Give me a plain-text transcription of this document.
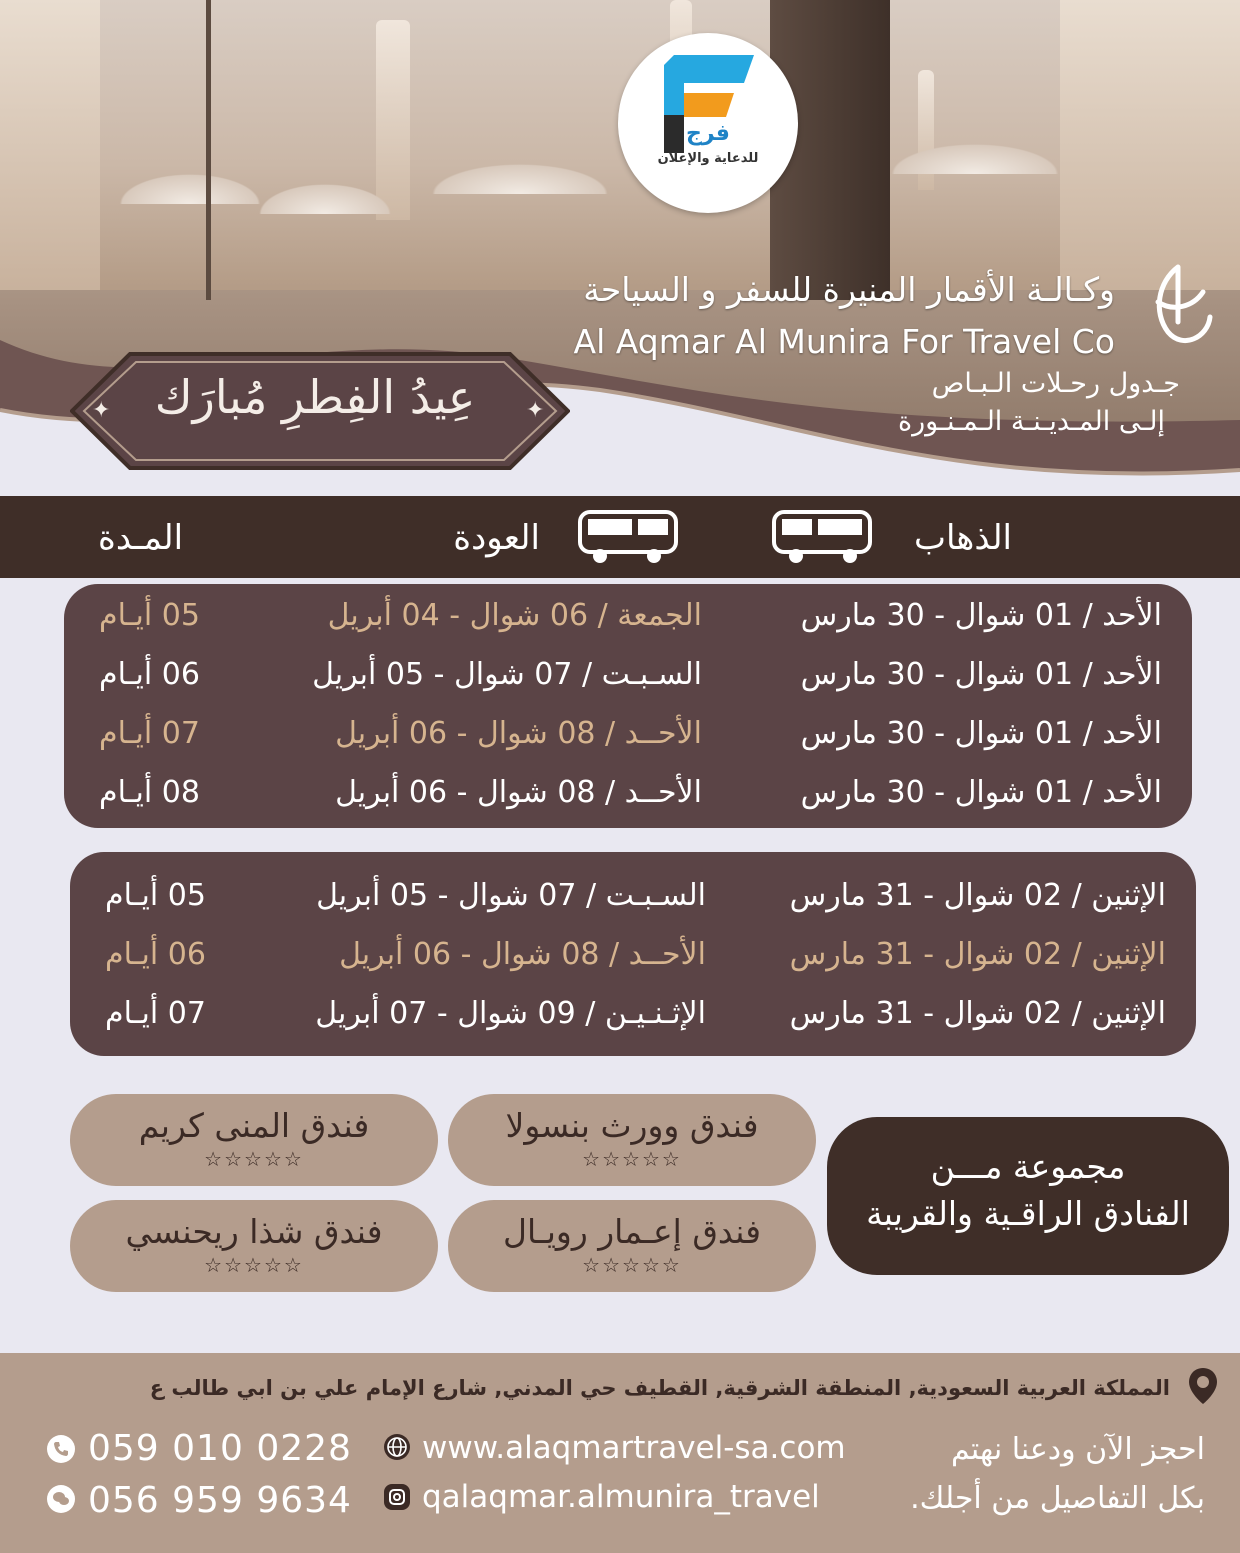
فرج
للدعاية والإعلان
وكـالـة الأقمار المنيرة للسفر و السياحة
Al Aqmar Al Munira For Travel Co
جـدول رحـلات الـبـاص
إلـى المـديـنـة الـمـنـورة
✦	✦
عِيدُ الفِطرِ مُبارَك
الذهاب
العودة
المـدة
الأحد / 01 شوال - 30 مارس
الجمعة / 06 شوال - 04 أبريل
05 أيـام
الأحد / 01 شوال - 30 مارس
السـبـت / 07 شوال - 05 أبريل
06 أيـام
الأحد / 01 شوال - 30 مارس
الأحــد / 08 شوال - 06 أبريل
07 أيـام
الأحد / 01 شوال - 30 مارس
الأحــد / 08 شوال - 06 أبريل
08 أيـام
الإثنين / 02 شوال - 31 مارس
السـبـت / 07 شوال - 05 أبريل
05 أيـام
الإثنين / 02 شوال - 31 مارس
الأحــد / 08 شوال - 06 أبريل
06 أيـام
الإثنين / 02 شوال - 31 مارس
الإثـنـيـن / 09 شوال - 07 أبريل
07 أيـام
فندق وورث بنسولا
☆☆☆☆☆
فندق المنى كريم
☆☆☆☆☆
فندق إعـمار رويـال
☆☆☆☆☆
فندق شذا ريحنسي
☆☆☆☆☆
مجموعة مـــن
الفنادق الراقـية والقريبة
المملكة العربية السعودية, المنطقة الشرقية, القطيف حي المدني, شارع الإمام علي بن ابي طالب ع
www.alaqmartravel-sa.com
qalaqmar.almunira_travel
احجز الآن ودعنا نهتم
بكل التفاصيل من أجلك.
059 010 0228
056 959 9634
